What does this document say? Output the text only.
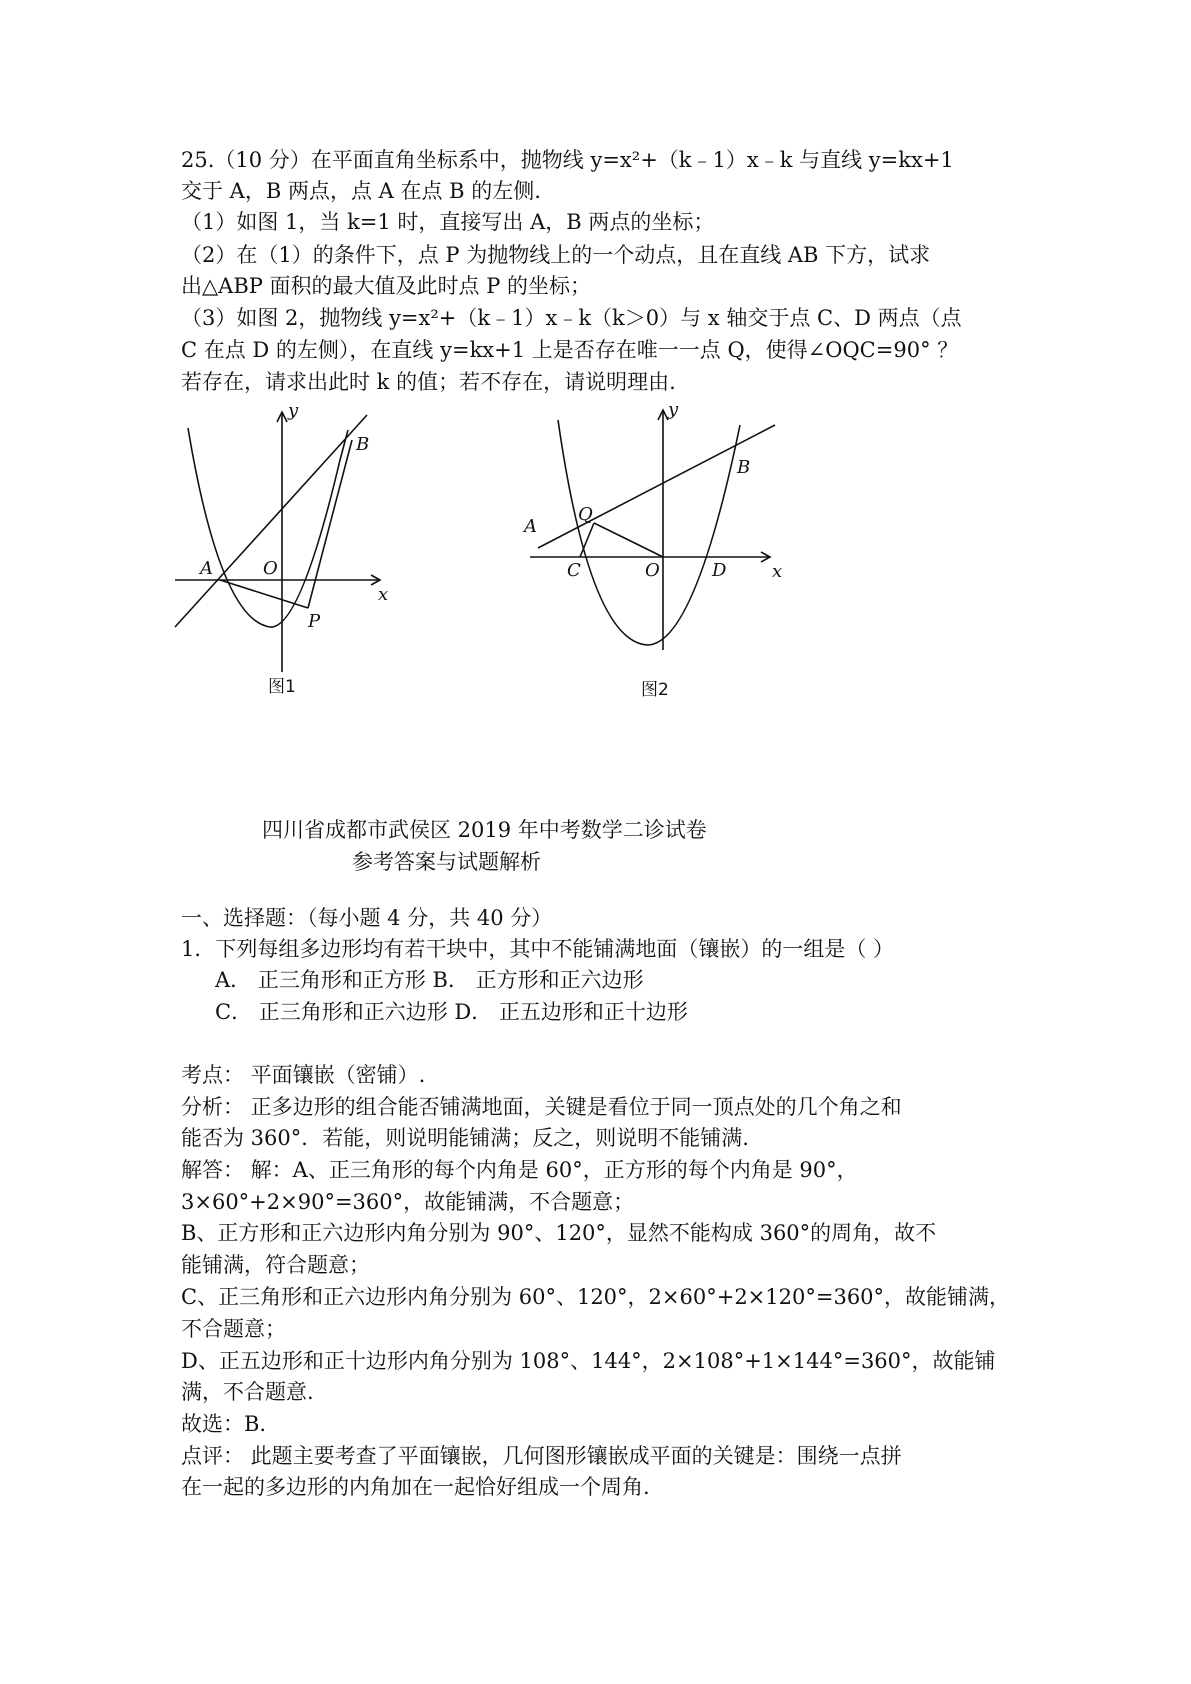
25.（10 分）在平面直角坐标系中，抛物线 y=x²+（k﹣1）x﹣k 与直线 y=kx+1
交于 A，B 两点，点 A 在点 B 的左侧.
（1）如图 1，当 k=1 时，直接写出 A，B 两点的坐标；
（2）在（1）的条件下，点 P 为抛物线上的一个动点，且在直线 AB 下方，试求
出△ABP 面积的最大值及此时点 P 的坐标；
（3）如图 2，抛物线 y=x²+（k﹣1）x﹣k（k＞0）与 x 轴交于点 C、D 两点（点
C 在点 D 的左侧），在直线 y=kx+1 上是否存在唯一一点 Q，使得∠OQC=90° ？
若存在，请求出此时 k 的值；若不存在，请说明理由.
y
x
O
A
B
P
图1
y
x
O
A
B
C	D
Q
图2
四川省成都市武侯区 2019 年中考数学二诊试卷
参考答案与试题解析
一、选择题：（每小题 4 分，共 40 分）
1．下列每组多边形均有若干块中，其中不能铺满地面（镶嵌）的一组是（ ）
A． 正三角形和正方形 B． 正方形和正六边形
C． 正三角形和正六边形 D． 正五边形和正十边形
考点： 平面镶嵌（密铺）.
分析： 正多边形的组合能否铺满地面，关键是看位于同一顶点处的几个角之和
能否为 360°．若能，则说明能铺满；反之，则说明不能铺满.
解答： 解：A、正三角形的每个内角是 60°，正方形的每个内角是 90°，
3×60°+2×90°=360°，故能铺满，不合题意；
B、正方形和正六边形内角分别为 90°、120°，显然不能构成 360°的周角，故不
能铺满，符合题意；
C、正三角形和正六边形内角分别为 60°、120°，2×60°+2×120°=360°，故能铺满，
不合题意；
D、正五边形和正十边形内角分别为 108°、144°，2×108°+1×144°=360°，故能铺
满，不合题意.
故选：B.
点评： 此题主要考查了平面镶嵌，几何图形镶嵌成平面的关键是：围绕一点拼
在一起的多边形的内角加在一起恰好组成一个周角.
